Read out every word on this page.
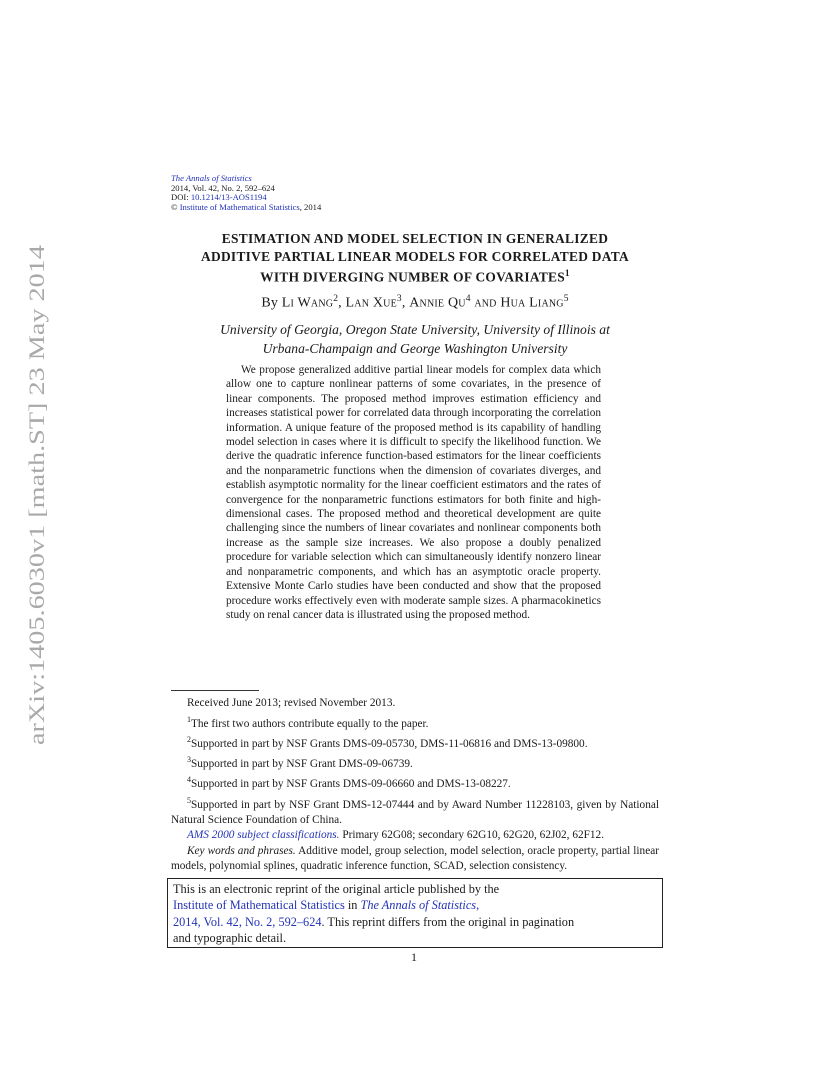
arXiv:1405.6030v1 [math.ST] 23 May 2014
The Annals of Statistics
2014, Vol. 42, No. 2, 592–624
DOI: 10.1214/13-AOS1194
© Institute of Mathematical Statistics, 2014
ESTIMATION AND MODEL SELECTION IN GENERALIZED
ADDITIVE PARTIAL LINEAR MODELS FOR CORRELATED DATA
WITH DIVERGING NUMBER OF COVARIATES$^1$
By Li Wang$^2$, Lan Xue$^3$, Annie Qu$^4$ and Hua Liang$^5$
University of Georgia, Oregon State University, University of Illinois at
Urbana-Champaign and George Washington University

We propose generalized additive partial linear models for complex data which allow one to capture nonlinear patterns of some covariates, in the presence of linear components. The proposed method improves estimation efficiency and increases statistical power for correlated data through incorporating the correlation information. A unique feature of the proposed method is its capability of handling model selection in cases where it is difficult to specify the likelihood function. We derive the quadratic inference function-based estimators for the linear coefficients and the nonparametric functions when the dimension of covariates diverges, and establish asymptotic normality for the linear coefficient estimators and the rates of convergence for the nonparametric functions estimators for both finite and high-dimensional cases. The proposed method and theoretical development are quite challenging since the numbers of linear covariates and nonlinear components both increase as the sample size increases. We also propose a doubly penalized procedure for variable selection which can simultaneously identify nonzero linear and nonparametric components, and which has an asymptotic oracle property. Extensive Monte Carlo studies have been conducted and show that the proposed procedure works effectively even with moderate sample sizes. A pharmacokinetics study on renal cancer data is illustrated using the proposed method.

Received June 2013; revised November 2013.

$^1$The first two authors contribute equally to the paper.

$^2$Supported in part by NSF Grants DMS-09-05730, DMS-11-06816 and DMS-13-09800.

$^3$Supported in part by NSF Grant DMS-09-06739.

$^4$Supported in part by NSF Grants DMS-09-06660 and DMS-13-08227.

$^5$Supported in part by NSF Grant DMS-12-07444 and by Award Number 11228103, given by National Natural Science Foundation of China.

AMS 2000 subject classifications. Primary 62G08; secondary 62G10, 62G20, 62J02, 62F12.

Key words and phrases. Additive model, group selection, model selection, oracle property, partial linear models, polynomial splines, quadratic inference function, SCAD, selection consistency.

This is an electronic reprint of the original article published by the
Institute of Mathematical Statistics in The Annals of Statistics,
2014, Vol. 42, No. 2, 592–624. This reprint differs from the original in pagination
and typographic detail.
1
